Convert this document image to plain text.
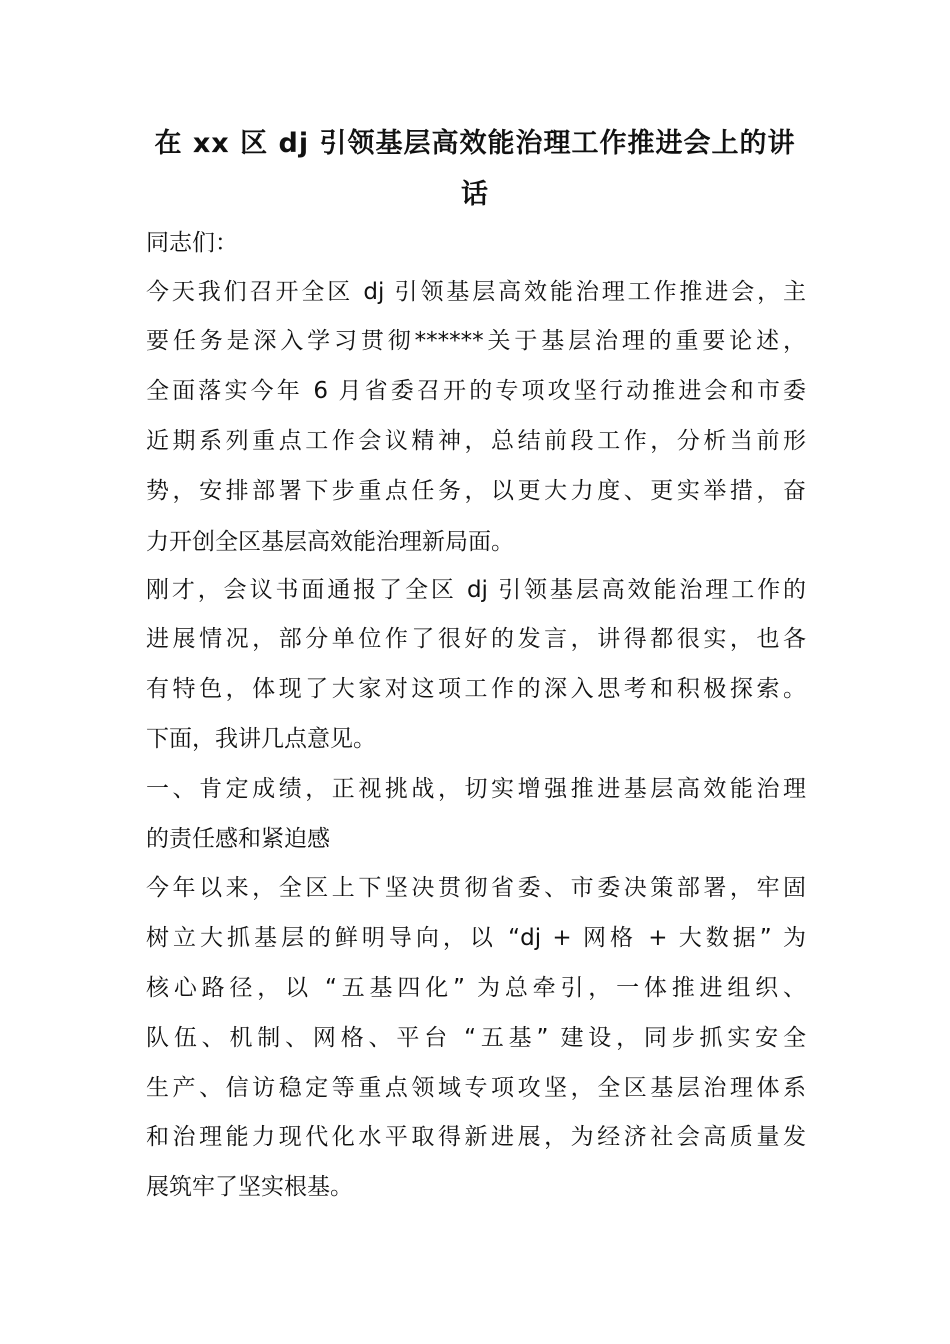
在 xx 区 dj 引领基层高效能治理工作推进会上的讲
话

同志们：

今天我们召开全区 dj 引领基层高效能治理工作推进会，主

要任务是深入学习贯彻******关于基层治理的重要论述，

全面落实今年 6 月省委召开的专项攻坚行动推进会和市委

近期系列重点工作会议精神，总结前段工作，分析当前形

势，安排部署下步重点任务，以更大力度、更实举措，奋

力开创全区基层高效能治理新局面。

刚才，会议书面通报了全区 dj 引领基层高效能治理工作的

进展情况，部分单位作了很好的发言，讲得都很实，也各

有特色，体现了大家对这项工作的深入思考和积极探索。

下面，我讲几点意见。

一、肯定成绩，正视挑战，切实增强推进基层高效能治理

的责任感和紧迫感

今年以来，全区上下坚决贯彻省委、市委决策部署，牢固

树立大抓基层的鲜明导向，以 “dj + 网格 + 大数据” 为

核心路径，以 “五基四化” 为总牵引，一体推进组织、

队伍、机制、网格、平台 “五基” 建设，同步抓实安全

生产、信访稳定等重点领域专项攻坚，全区基层治理体系

和治理能力现代化水平取得新进展，为经济社会高质量发

展筑牢了坚实根基。
